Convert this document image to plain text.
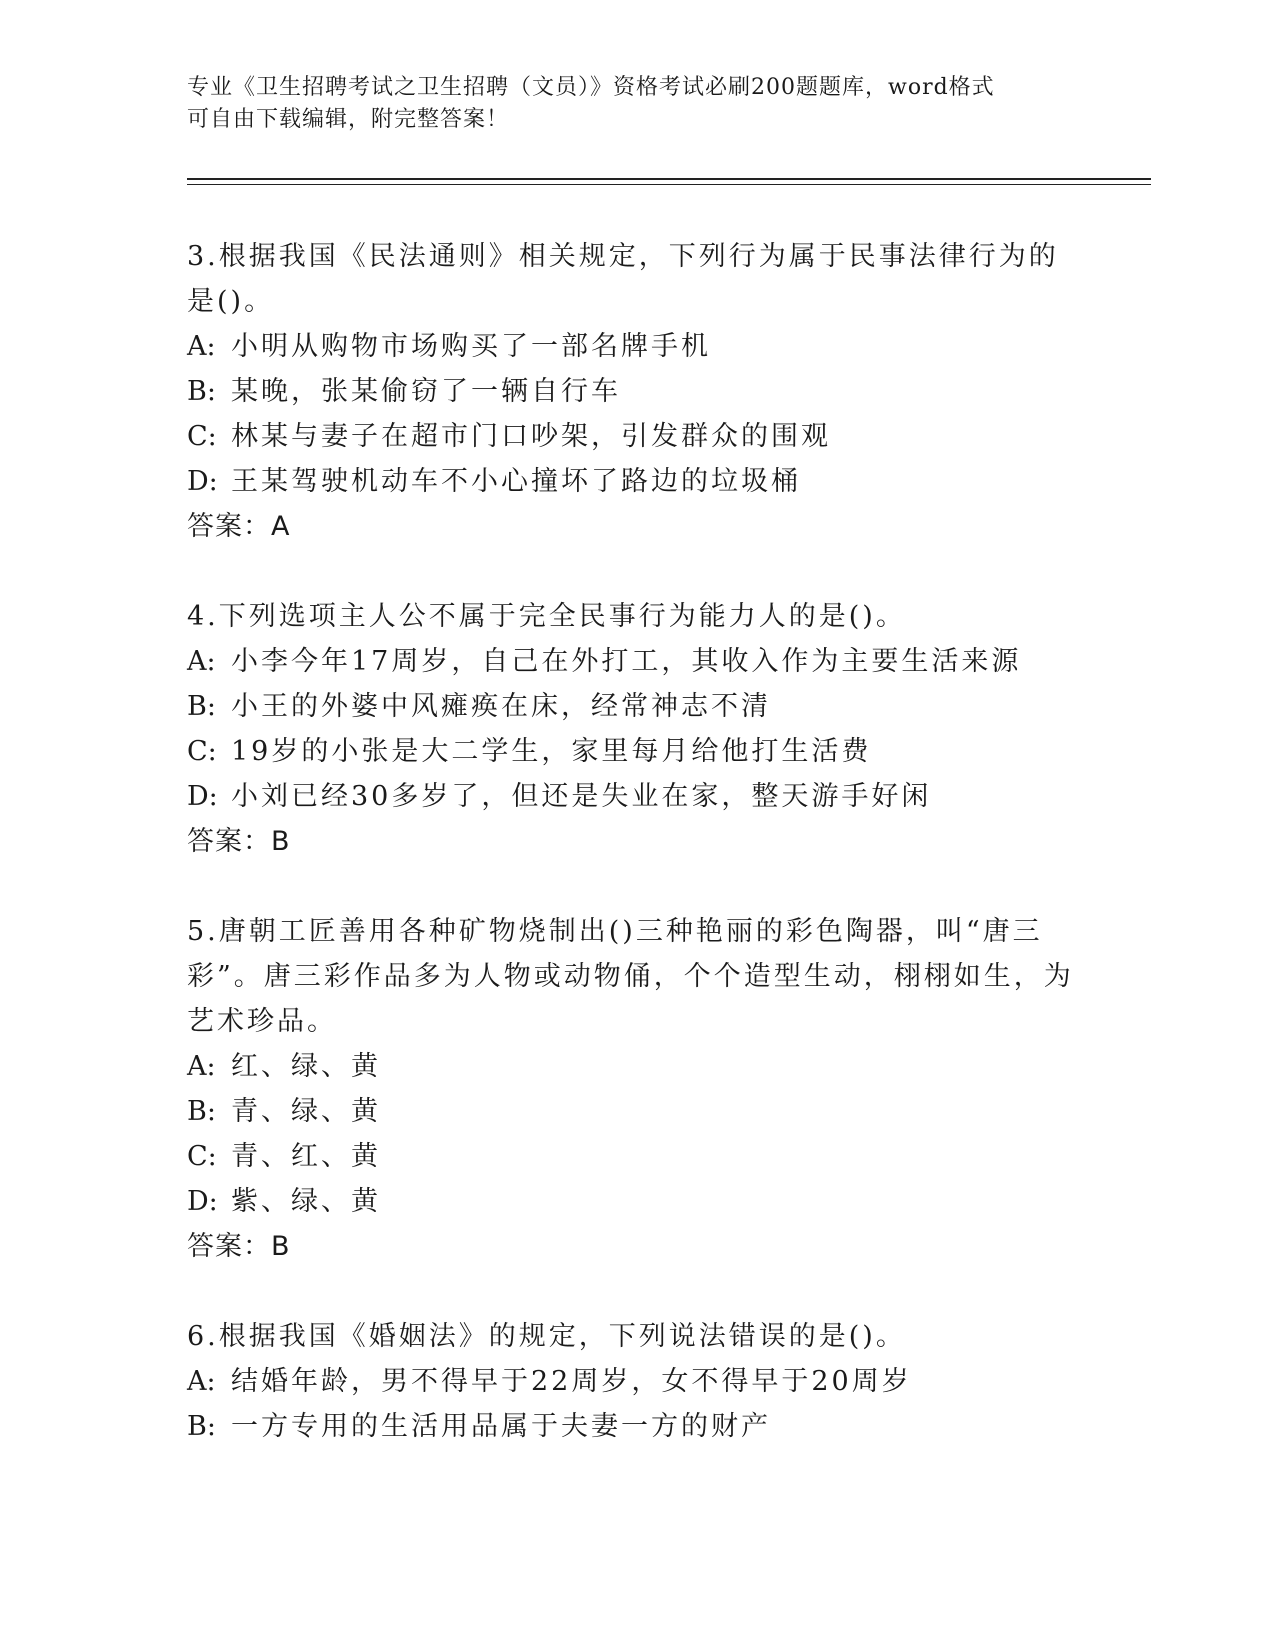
专业《卫生招聘考试之卫生招聘（文员）》资格考试必刷200题题库，word格式
可自由下载编辑，附完整答案！
3.根据我国《民法通则》相关规定，下列行为属于民事法律行为的是()。
A: 小明从购物市场购买了一部名牌手机
B: 某晚，张某偷窃了一辆自行车
C: 林某与妻子在超市门口吵架，引发群众的围观
D: 王某驾驶机动车不小心撞坏了路边的垃圾桶
答案：A
4.下列选项主人公不属于完全民事行为能力人的是()。
A: 小李今年17周岁，自己在外打工，其收入作为主要生活来源
B: 小王的外婆中风瘫痪在床，经常神志不清
C: 19岁的小张是大二学生，家里每月给他打生活费
D: 小刘已经30多岁了，但还是失业在家，整天游手好闲
答案：B
5.唐朝工匠善用各种矿物烧制出()三种艳丽的彩色陶器，叫“唐三彩”。唐三彩作品多为人物或动物俑，个个造型生动，栩栩如生，为艺术珍品。
A: 红、绿、黄
B: 青、绿、黄
C: 青、红、黄
D: 紫、绿、黄
答案：B
6.根据我国《婚姻法》的规定，下列说法错误的是()。
A: 结婚年龄，男不得早于22周岁，女不得早于20周岁
B: 一方专用的生活用品属于夫妻一方的财产
